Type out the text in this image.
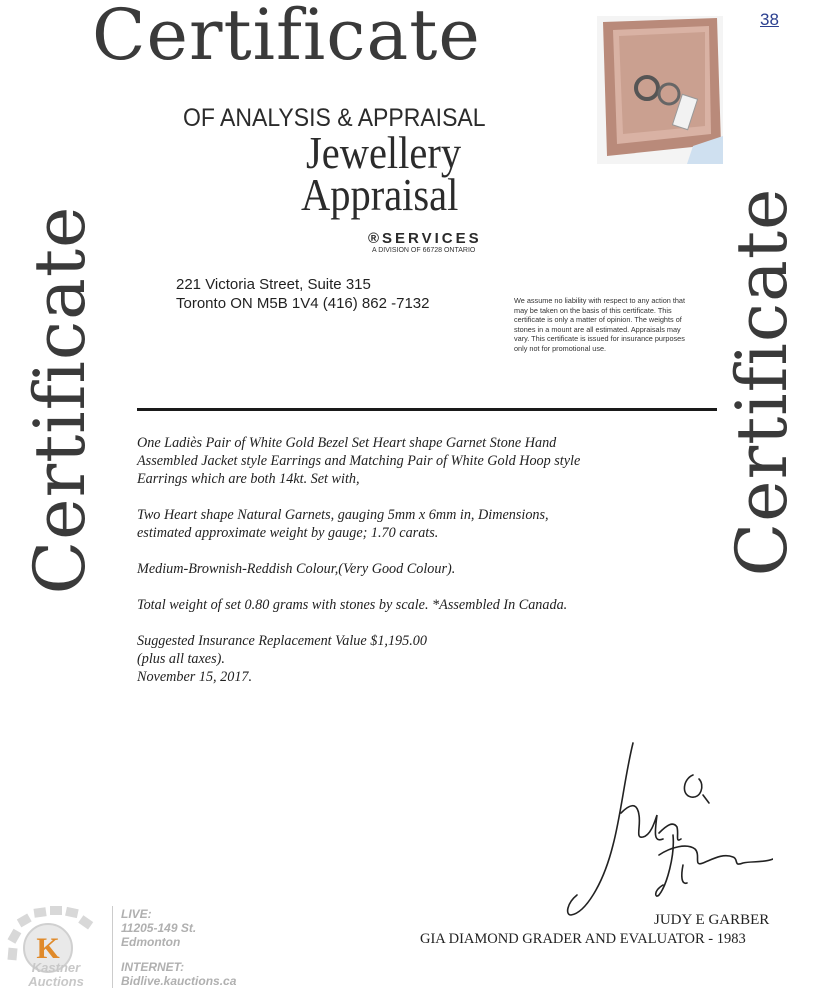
Certificate
Certificate	Certificate
38
OF ANALYSIS & APPRAISAL
Jewellery
Appraisal
®SERVICES
A DIVISION OF 66728 ONTARIO
221 Victoria Street, Suite 315
Toronto ON M5B 1V4 (416) 862 -7132	We assume no liability with respect to any action that may be taken on the basis of this certificate. This certificate is only a matter of opinion. The weights of stones in a mount are all estimated. Appraisals may vary. This certificate is issued for insurance purposes only not for promotional use.

One Ladiès Pair of White Gold Bezel Set Heart shape Garnet Stone Hand Assembled Jacket style Earrings and Matching Pair of White Gold Hoop style Earrings which are both 14kt. Set with,

Two Heart shape Natural Garnets, gauging 5mm x 6mm in, Dimensions, estimated approximate weight by gauge; 1.70 carats.

Medium-Brownish-Reddish Colour,(Very Good Colour).

Total weight of set 0.80 grams with stones by scale. *Assembled In Canada.

Suggested Insurance Replacement Value $1,195.00
(plus all taxes).
November 15, 2017.
JUDY E GARBER
GIA DIAMOND GRADER AND EVALUATOR - 1983
K
Kastner
Auctions
LIVE:
11205-149 St.
Edmonton
INTERNET:
Bidlive.kauctions.ca
